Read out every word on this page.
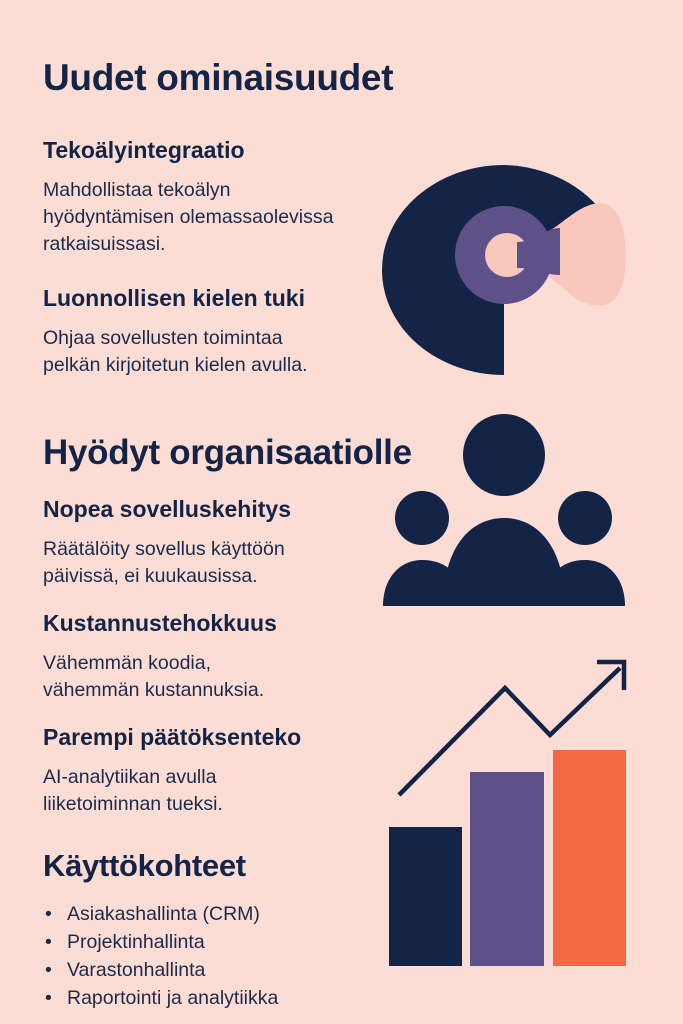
Uudet ominaisuudet
Tekoälyintegraatio
Mahdollistaa tekoälyn
hyödyntämisen olemassaolevissa
ratkaisuissasi.
Luonnollisen kielen tuki
Ohjaa sovellusten toimintaa
pelkän kirjoitetun kielen avulla.
Hyödyt organisaatiolle
Nopea sovelluskehitys
Räätälöity sovellus käyttöön
päivissä, ei kuukausissa.
Kustannustehokkuus
Vähemmän koodia,
vähemmän kustannuksia.
Parempi päätöksenteko
AI-analytiikan avulla
liiketoiminnan tueksi.
Käyttökohteet
• Asiakashallinta (CRM)
• Projektinhallinta
• Varastonhallinta
• Raportointi ja analytiikka
